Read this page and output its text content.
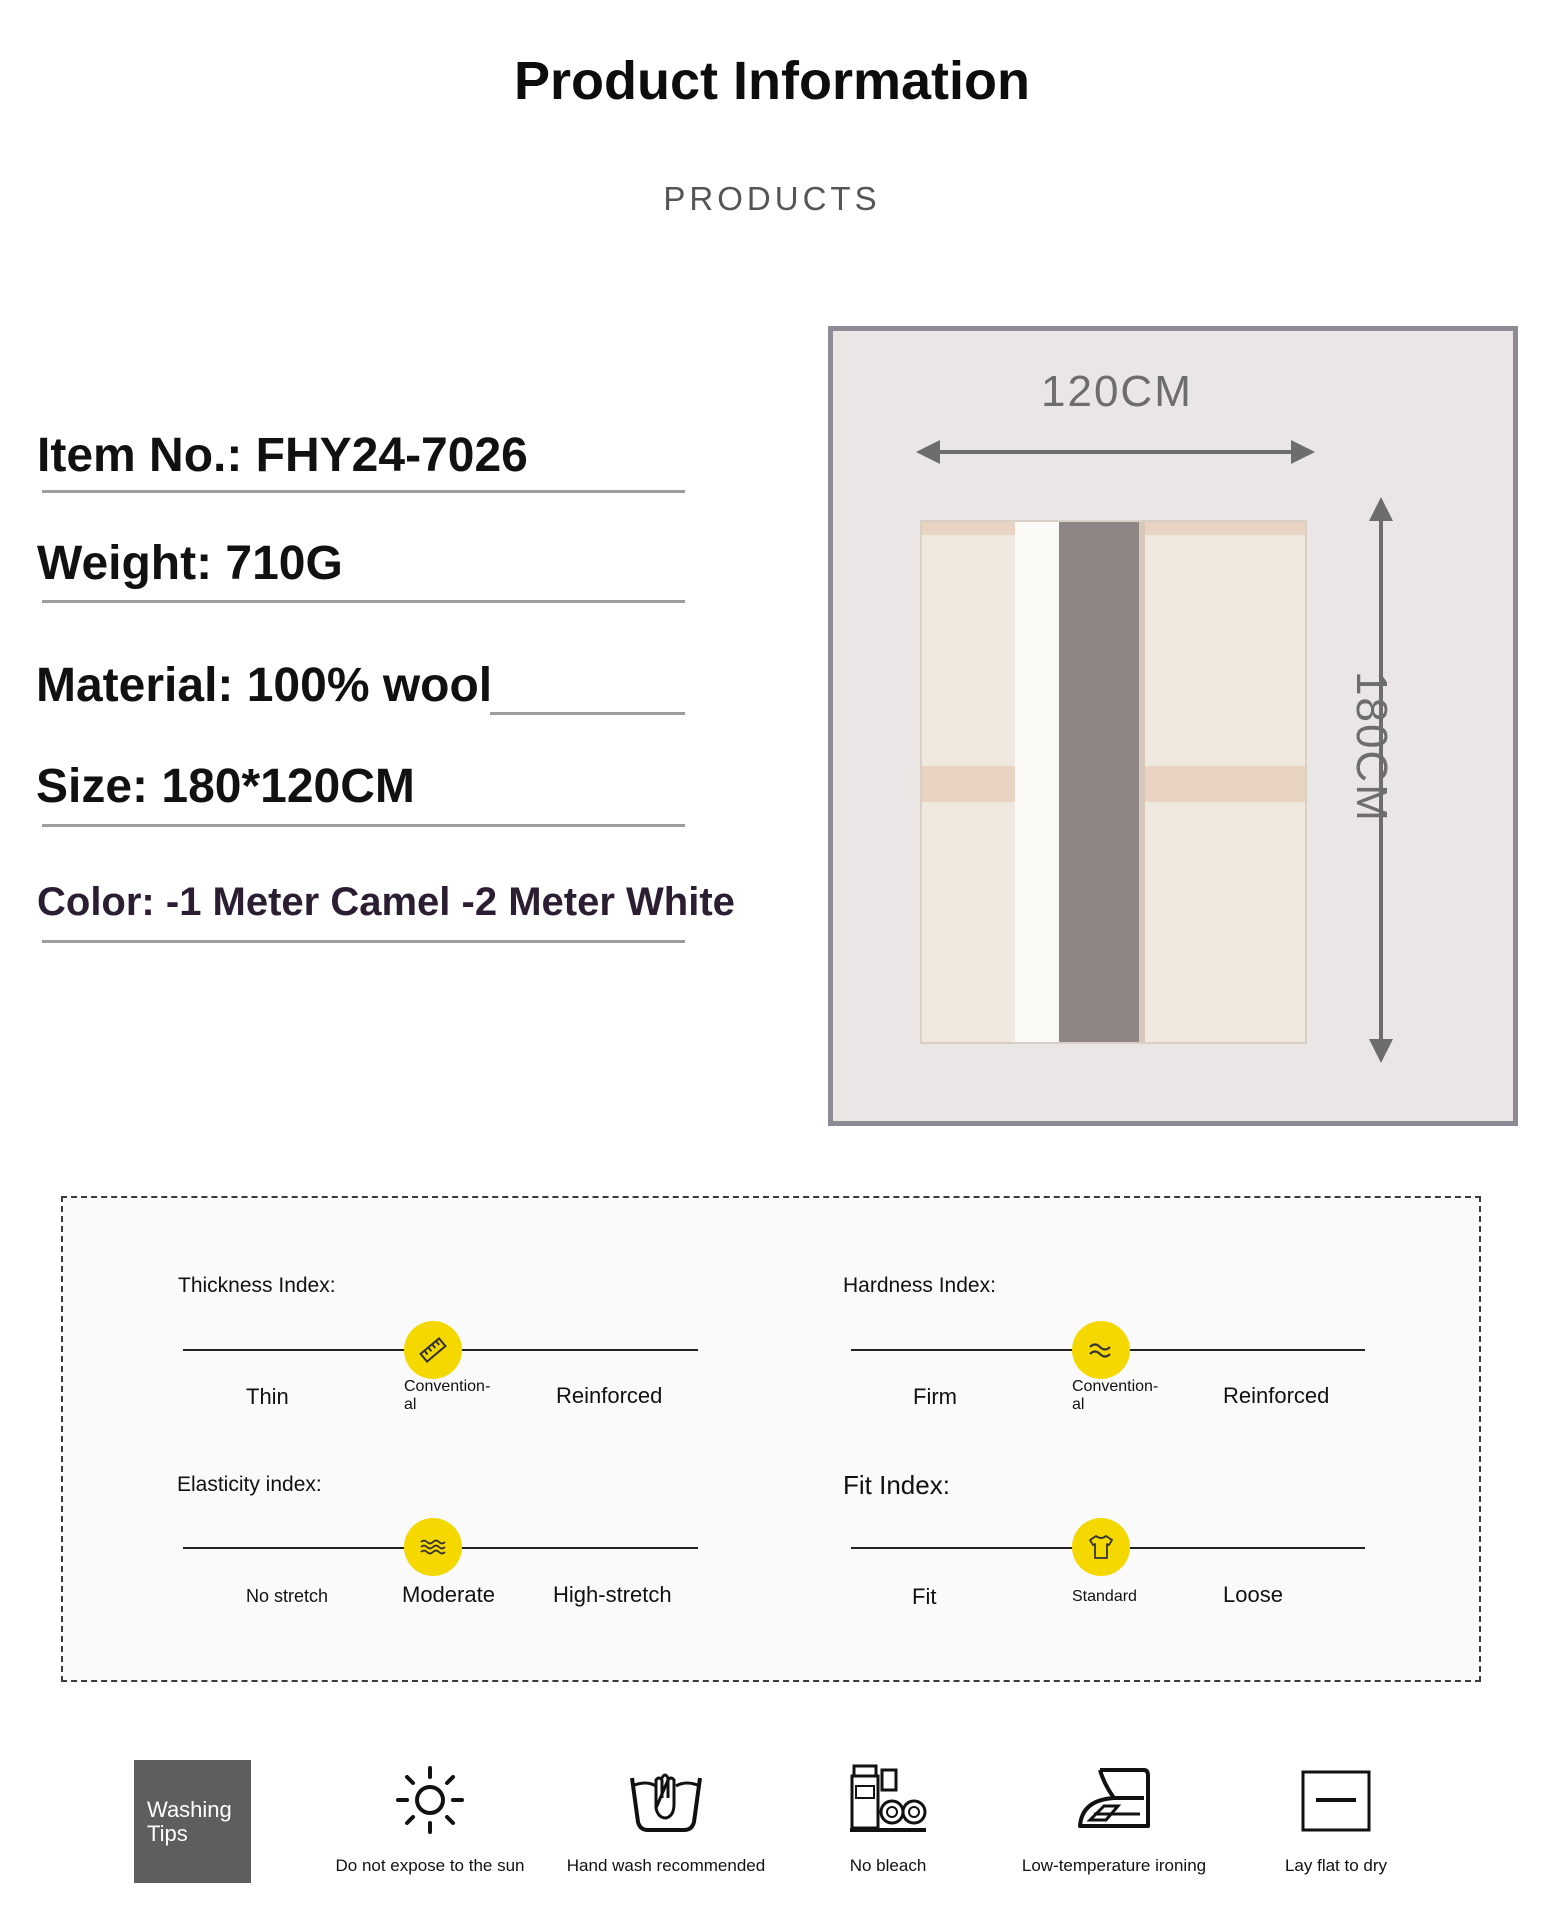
Product Information
PRODUCTS
Item No.: FHY24-7026
Weight: 710G
Material: 100% wool
Size: 180*120CM
Color: -1 Meter Camel -2 Meter White
120CM
180CM
Thickness Index:
Thin	Convention-
al	Reinforced
Hardness Index:
Firm	Convention-
al	Reinforced
Elasticity index:
No stretch	Moderate	High-stretch
Fit Index:
Fit	Standard	Loose
Washing Tips
Do not expose to the sun	Hand wash recommended	No bleach	Low-temperature ironing	Lay flat to dry
